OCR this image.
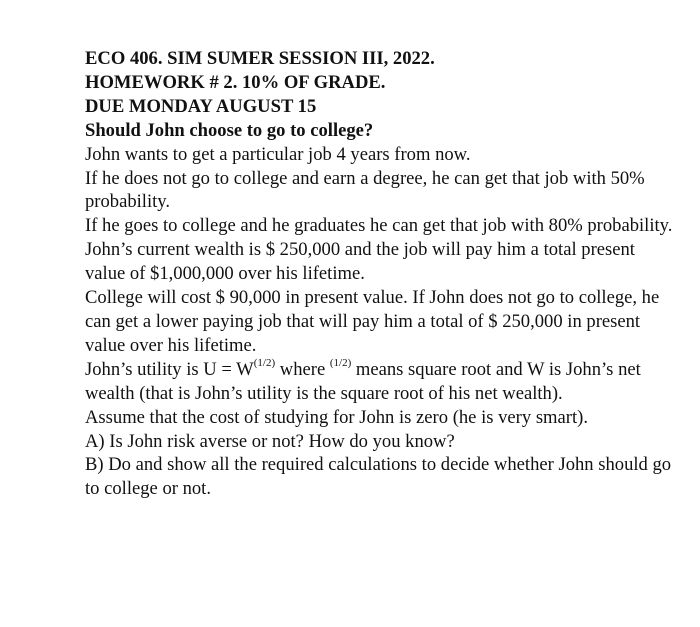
ECO 406. SIM SUMER SESSION III, 2022.

HOMEWORK # 2. 10% OF GRADE.

DUE MONDAY AUGUST 15

Should John choose to go to college?

John wants to get a particular job 4 years from now.

If he does not go to college and earn a degree, he can get that job with 50% probability.

If he goes to college and he graduates he can get that job with 80% probability.

John’s current wealth is $ 250,000 and the job will pay him a total present value of $1,000,000 over his lifetime.

College will cost $ 90,000 in present value. If John does not go to college, he can get a lower paying job that will pay him a total of $ 250,000 in present value over his lifetime.

John’s utility is $U = W^{(1/2)}$ where $^{(1/2)}$ means square root and W is John’s net wealth (that is John’s utility is the square root of his net wealth).

Assume that the cost of studying for John is zero (he is very smart).

A) Is John risk averse or not? How do you know?

B) Do and show all the required calculations to decide whether John should go to college or not.
